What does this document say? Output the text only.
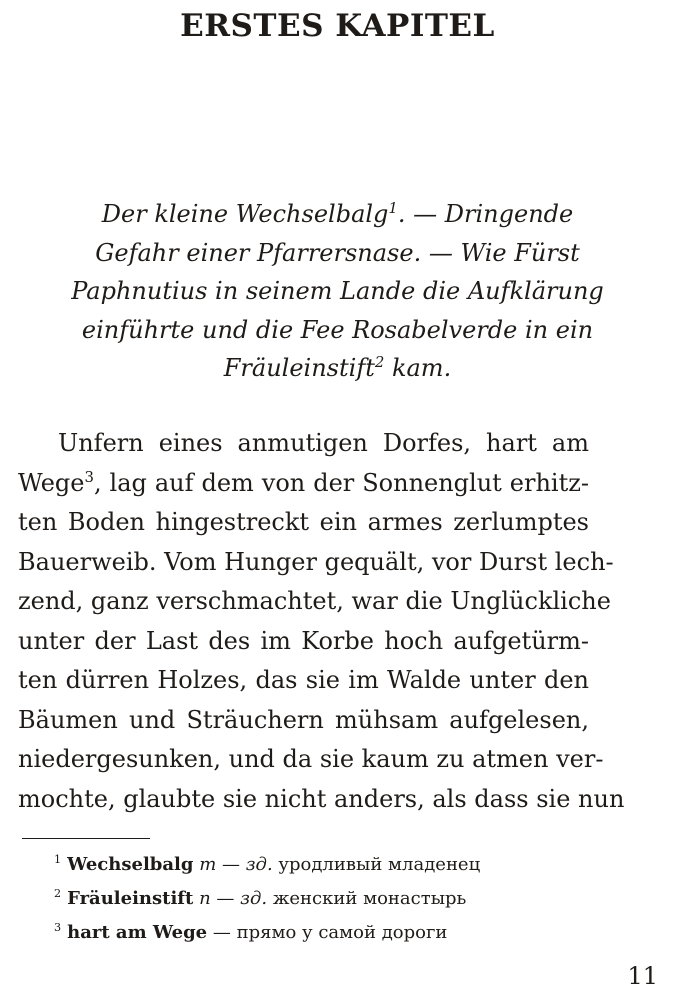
ERSTES KAPITEL
Der kleine Wechselbalg$^1$. — Dringende
Gefahr einer Pfarrersnase. — Wie Fürst
Paphnutius in seinem Lande die Aufklärung
einführte und die Fee Rosabelverde in ein
Fräuleinstift$^2$ kam.
Unfern eines anmutigen Dorfes, hart am
Wege$^3$, lag auf dem von der Sonnenglut erhitz-
ten Boden hingestreckt ein armes zerlumptes
Bauerweib. Vom Hunger gequält, vor Durst lech-
zend, ganz verschmachtet, war die Unglückliche
unter der Last des im Korbe hoch aufgetürm-
ten dürren Holzes, das sie im Walde unter den
Bäumen und Sträuchern mühsam aufgelesen,
niedergesunken, und da sie kaum zu atmen ver-
mochte, glaubte sie nicht anders, als dass sie nun
$^1$ Wechselbalg m — зд. уродливый младенец
$^2$ Fräuleinstift n — зд. женский монастырь
$^3$ hart am Wege — прямо у самой дороги
11
